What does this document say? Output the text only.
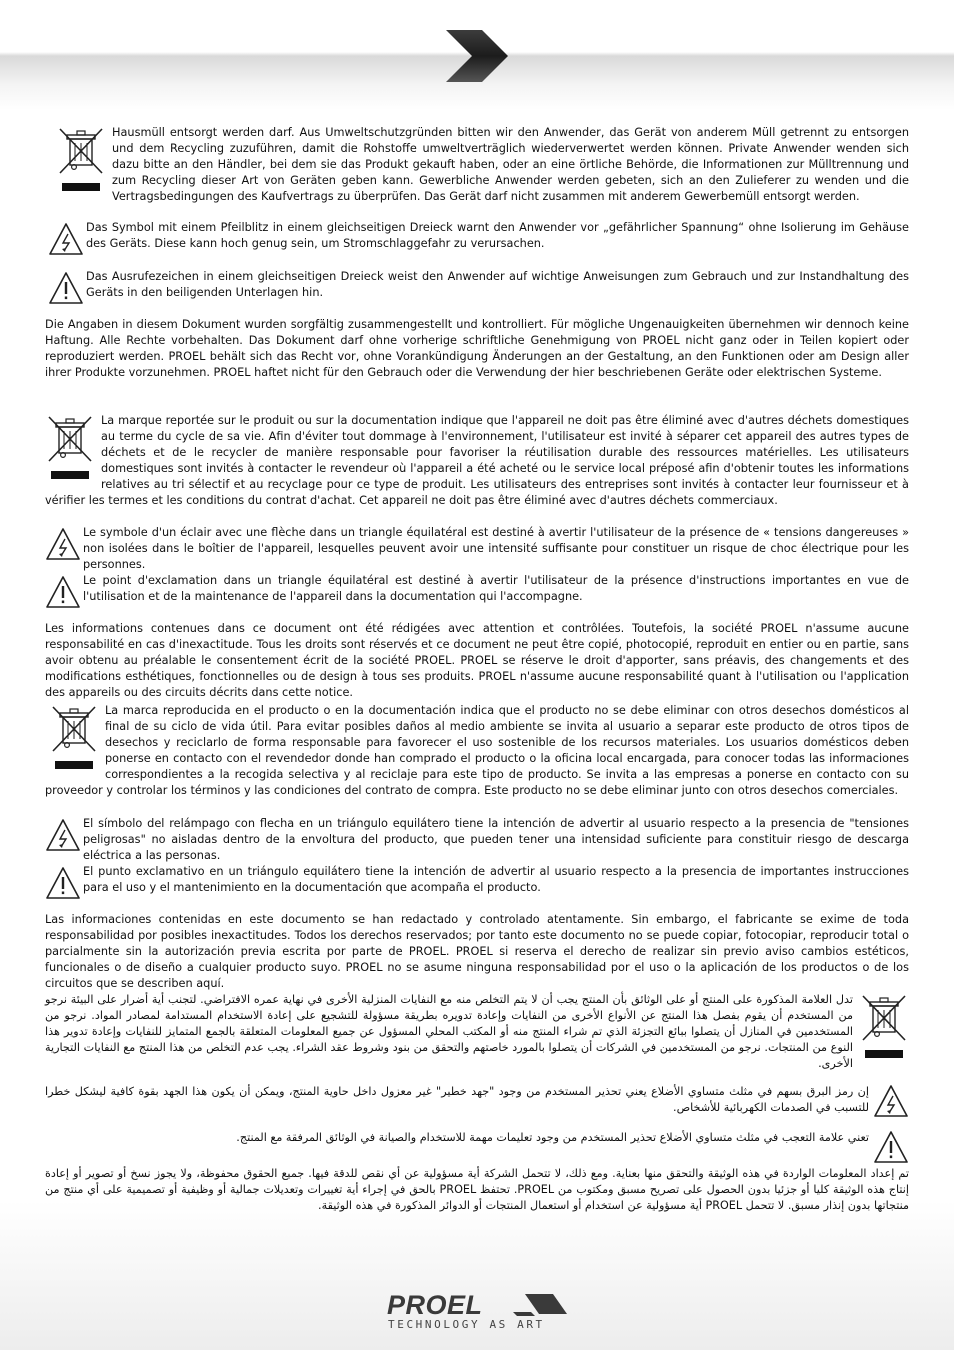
Hausmüll entsorgt werden darf. Aus Umweltschutzgründen bitten wir den Anwender, das Gerät von anderem Müll getrennt zu entsorgen und dem Recycling zuzuführen, damit die Rohstoffe umweltverträglich wiederverwertet werden können. Private Anwender wenden sich dazu bitte an den Händler, bei dem sie das Produkt gekauft haben, oder an eine örtliche Behörde, die Informationen zur Mülltrennung und zum Recycling dieser Art von Geräten geben kann. Gewerbliche Anwender werden gebeten, sich an den Zulieferer zu wenden und die Vertragsbedingungen des Kaufvertrags zu überprüfen. Das Gerät darf nicht zusammen mit anderem Gewerbemüll entsorgt werden.
Das Symbol mit einem Pfeilblitz in einem gleichseitigen Dreieck warnt den Anwender vor „gefährlicher Spannung“ ohne Isolierung im Gehäuse des Geräts. Diese kann hoch genug sein, um Stromschlaggefahr zu verursachen.
Das Ausrufezeichen in einem gleichseitigen Dreieck weist den Anwender auf wichtige Anweisungen zum Gebrauch und zur Instandhaltung des Geräts in den beiligenden Unterlagen hin.
Die Angaben in diesem Dokument wurden sorgfältig zusammengestellt und kontrolliert. Für mögliche Ungenauigkeiten übernehmen wir dennoch keine Haftung. Alle Rechte vorbehalten. Das Dokument darf ohne vorherige schriftliche Genehmigung von PROEL nicht ganz oder in Teilen kopiert oder reproduziert werden. PROEL behält sich das Recht vor, ohne Vorankündigung Änderungen an der Gestaltung, an den Funktionen oder am Design aller ihrer Produkte vorzunehmen. PROEL haftet nicht für den Gebrauch oder die Verwendung der hier beschriebenen Geräte oder elektrischen Systeme.
La marque reportée sur le produit ou sur la documentation indique que l'appareil ne doit pas être éliminé avec d'autres déchets domestiques au terme du cycle de sa vie. Afin d'éviter tout dommage à l'environnement, l'utilisateur est invité à séparer cet appareil des autres types de déchets et de le recycler de manière responsable pour favoriser la réutilisation durable des ressources matérielles. Les utilisateurs domestiques sont invités à contacter le revendeur où l'appareil a été acheté ou le service local préposé afin d'obtenir toutes les informations relatives au tri sélectif et au recyclage pour ce type de produit. Les utilisateurs des entreprises sont invités à contacter leur fournisseur et à vérifier les termes et les conditions du contrat d'achat. Cet appareil ne doit pas être éliminé avec d'autres déchets commerciaux.
Le symbole d'un éclair avec une flèche dans un triangle équilatéral est destiné à avertir l'utilisateur de la présence de « tensions dangereuses » non isolées dans le boîtier de l'appareil, lesquelles peuvent avoir une intensité suffisante pour constituer un risque de choc électrique pour les personnes.
Le point d'exclamation dans un triangle équilatéral est destiné à avertir l'utilisateur de la présence d'instructions importantes en vue de l'utilisation et de la maintenance de l'appareil dans la documentation qui l'accompagne.
Les informations contenues dans ce document ont été rédigées avec attention et contrôlées. Toutefois, la société PROEL n'assume aucune responsabilité en cas d'inexactitude. Tous les droits sont réservés et ce document ne peut être copié, photocopié, reproduit en entier ou en partie, sans avoir obtenu au préalable le consentement écrit de la société PROEL. PROEL se réserve le droit d'apporter, sans préavis, des changements et des modifications esthétiques, fonctionnelles ou de design à tous ses produits. PROEL n'assume aucune responsabilité quant à l'utilisation ou l'application des appareils ou des circuits décrits dans cette notice.
La marca reproducida en el producto o en la documentación indica que el producto no se debe eliminar con otros desechos domésticos al final de su ciclo de vida útil. Para evitar posibles daños al medio ambiente se invita al usuario a separar este producto de otros tipos de desechos y reciclarlo de forma responsable para favorecer el uso sostenible de los recursos materiales. Los usuarios domésticos deben ponerse en contacto con el revendedor donde han comprado el producto o la oficina local encargada, para conocer todas las informaciones correspondientes a la recogida selectiva y al reciclaje para este tipo de producto. Se invita a las empresas a ponerse en contacto con su proveedor y controlar los términos y las condiciones del contrato de compra. Este producto no se debe eliminar junto con otros desechos comerciales.
El símbolo del relámpago con flecha en un triángulo equilátero tiene la intención de advertir al usuario respecto a la presencia de "tensiones peligrosas" no aisladas dentro de la envoltura del producto, que pueden tener una intensidad suficiente para constituir riesgo de descarga eléctrica a las personas.
El punto exclamativo en un triángulo equilátero tiene la intención de advertir al usuario respecto a la presencia de importantes instrucciones para el uso y el mantenimiento en la documentación que acompaña el producto.
Las informaciones contenidas en este documento se han redactado y controlado atentamente. Sin embargo, el fabricante se exime de toda responsabilidad por posibles inexactitudes. Todos los derechos reservados; por tanto este documento no se puede copiar, fotocopiar, reproducir total o parcialmente sin la autorización previa escrita por parte de PROEL. PROEL si reserva el derecho de realizar sin previo aviso cambios estéticos, funcionales o de diseño a cualquier producto suyo. PROEL no se asume ninguna responsabilidad por el uso o la aplicación de los productos o de los circuitos que se describen aquí.
تدل العلامة المذكورة على المنتج أو على الوثائق بأن المنتج يجب أن لا يتم التخلص منه مع النفايات المنزلية الأخرى في نهاية عمره الافتراضي. لتجنب أية أضرار على البيئة نرجو من المستخدم أن يقوم بفصل هذا المنتج عن الأنواع الأخرى من النفايات وإعادة تدويره بطريقة مسؤولة للتشجيع على إعادة الاستخدام المستدامة لمصادر المواد. نرجو من المستخدمين في المنازل أن يتصلوا ببائع التجزئة الذي تم شراء المنتج منه أو المكتب المحلي المسؤول عن جميع المعلومات المتعلقة بالجمع المتمايز للنفايات وإعادة تدوير هذا النوع من المنتجات. نرجو من المستخدمين في الشركات أن يتصلوا بالمورد خاصتهم والتحقق من بنود وشروط عقد الشراء. يجب عدم التخلص من هذا المنتج مع النفايات التجارية الأخرى.
إن رمز البرق بسهم في مثلث متساوي الأضلاع يعني تحذير المستخدم من وجود "جهد خطير" غير معزول داخل حاوية المنتج، ويمكن أن يكون هذا الجهد بقوة كافية ليشكل خطرا للتسبب في الصدمات الكهربائية للأشخاص.
تعني علامة التعجب في مثلث متساوي الأضلاع تحذير المستخدم من وجود تعليمات مهمة للاستخدام والصيانة في الوثائق المرفقة مع المنتج.
تم إعداد المعلومات الواردة في هذه الوثيقة والتحقق منها بعناية. ومع ذلك، لا تتحمل الشركة أية مسؤولية عن أي نقص للدقة فيها. جميع الحقوق محفوظة، ولا يجوز نسخ أو تصوير أو إعادة إنتاج هذه الوثيقة كليا أو جزئيا بدون الحصول على تصريح مسبق ومكتوب من PROEL. تحتفظ PROEL بالحق في إجراء أية تغييرات وتعديلات جمالية أو وظيفية أو تصميمية على أي منتج من منتجاتها بدون إنذار مسبق. لا تتحمل PROEL أية مسؤولية عن استخدام أو استعمال المنتجات أو الدوائر المذكورة في هذه الوثيقة.
PROEL
TECHNOLOGY AS ART
